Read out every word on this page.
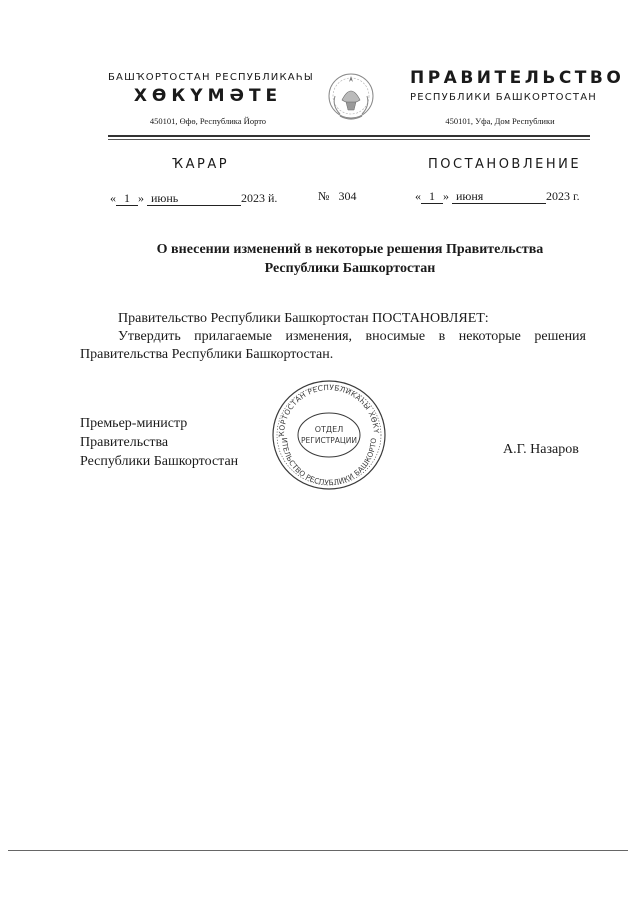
БАШҠОРТОСТАН РЕСПУБЛИКАҺЫ
ХӨКҮМӘТЕ
450101, Өфө, Республика Йорто
ПРАВИТЕЛЬСТВО
РЕСПУБЛИКИ БАШКОРТОСТАН
450101, Уфа, Дом Республики
ҠАРАР	ПОСТАНОВЛЕНИЕ
« 1 » июнь	2023 й.	№ 304	« 1 » июня	2023 г.
О внесении изменений в некоторые решения Правительства
Республики Башкортостан
Правительство Республики Башкортостан ПОСТАНОВЛЯЕТ:
Утвердить прилагаемые изменения, вносимые в некоторые решения
Правительства Республики Башкортостан.
Премьер-министр
Правительства
Республики Башкортостан
ҠОРТОСТАН РЕСПУБЛИКАҺЫ ХӨКҮ
ИТЕЛЬСТВО РЕСПУБЛИКИ БАШКОРТО
ОТДЕЛ
РЕГИСТРАЦИИ
А.Г. Назаров
